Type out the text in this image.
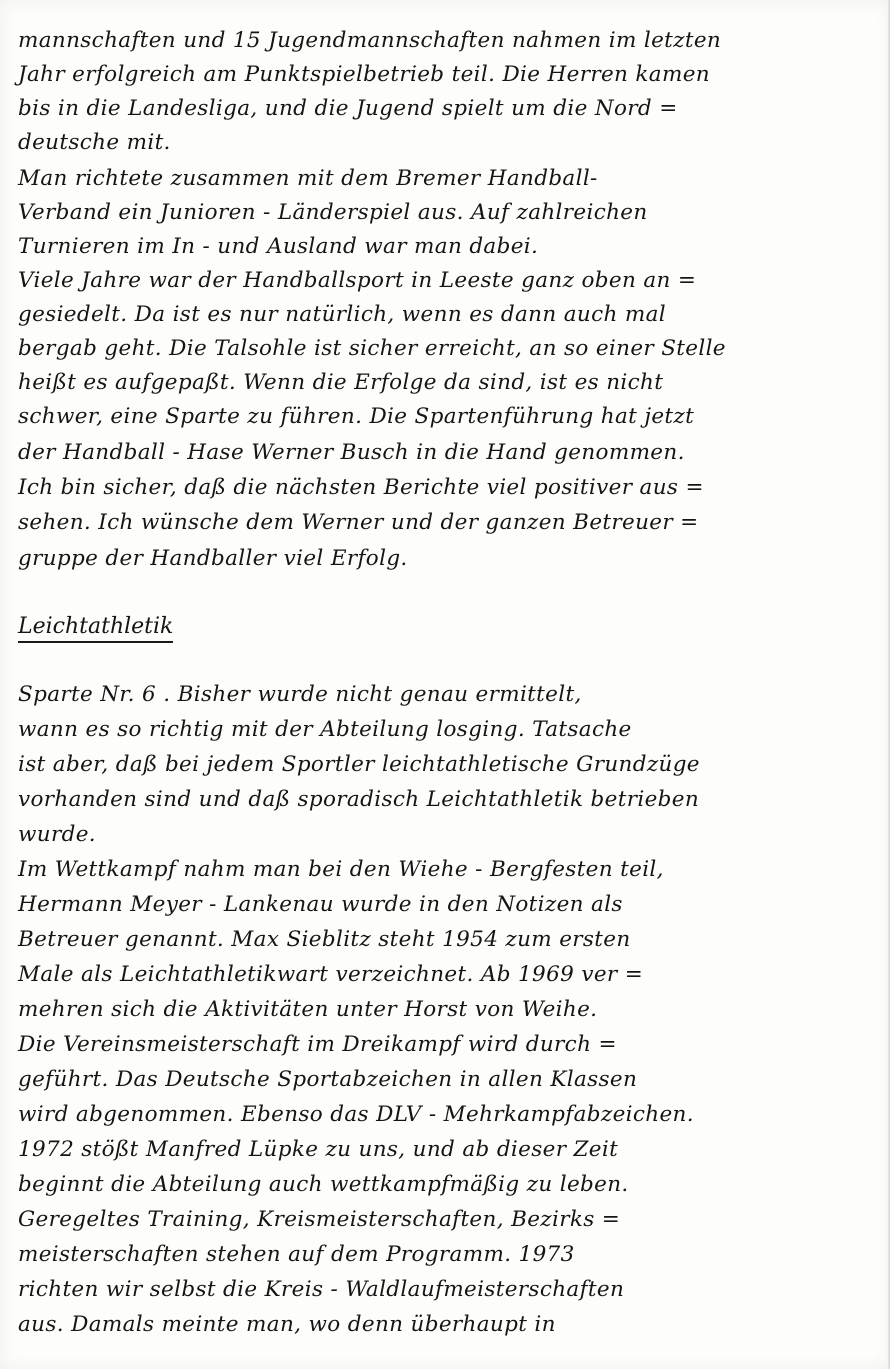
mannschaften und 15 Jugendmannschaften nahmen im letzten
Jahr erfolgreich am Punktspielbetrieb teil. Die Herren kamen
bis in die Landesliga, und die Jugend spielt um die Nord =
deutsche mit.
Man richtete zusammen mit dem Bremer Handball-
Verband ein Junioren - Länderspiel aus. Auf zahlreichen
Turnieren im In - und Ausland war man dabei.
Viele Jahre war der Handballsport in Leeste ganz oben an =
gesiedelt. Da ist es nur natürlich, wenn es dann auch mal
bergab geht. Die Talsohle ist sicher erreicht, an so einer Stelle
heißt es aufgepaßt. Wenn die Erfolge da sind, ist es nicht
schwer, eine Sparte zu führen. Die Spartenführung hat jetzt
der Handball - Hase Werner Busch in die Hand genommen.
Ich bin sicher, daß die nächsten Berichte viel positiver aus =
sehen. Ich wünsche dem Werner und der ganzen Betreuer =
gruppe der Handballer viel Erfolg.
Leichtathletik
Sparte Nr. 6 . Bisher wurde nicht genau ermittelt,
wann es so richtig mit der Abteilung losging. Tatsache
ist aber, daß bei jedem Sportler leichtathletische Grundzüge
vorhanden sind und daß sporadisch Leichtathletik betrieben
wurde.
Im Wettkampf nahm man bei den Wiehe - Bergfesten teil,
Hermann Meyer - Lankenau wurde in den Notizen als
Betreuer genannt. Max Sieblitz steht 1954 zum ersten
Male als Leichtathletikwart verzeichnet. Ab 1969 ver =
mehren sich die Aktivitäten unter Horst von Weihe.
Die Vereinsmeisterschaft im Dreikampf wird durch =
geführt. Das Deutsche Sportabzeichen in allen Klassen
wird abgenommen. Ebenso das DLV - Mehrkampfabzeichen.
1972 stößt Manfred Lüpke zu uns, und ab dieser Zeit
beginnt die Abteilung auch wettkampfmäßig zu leben.
Geregeltes Training, Kreismeisterschaften, Bezirks =
meisterschaften stehen auf dem Programm. 1973
richten wir selbst die Kreis - Waldlaufmeisterschaften
aus. Damals meinte man, wo denn überhaupt in
